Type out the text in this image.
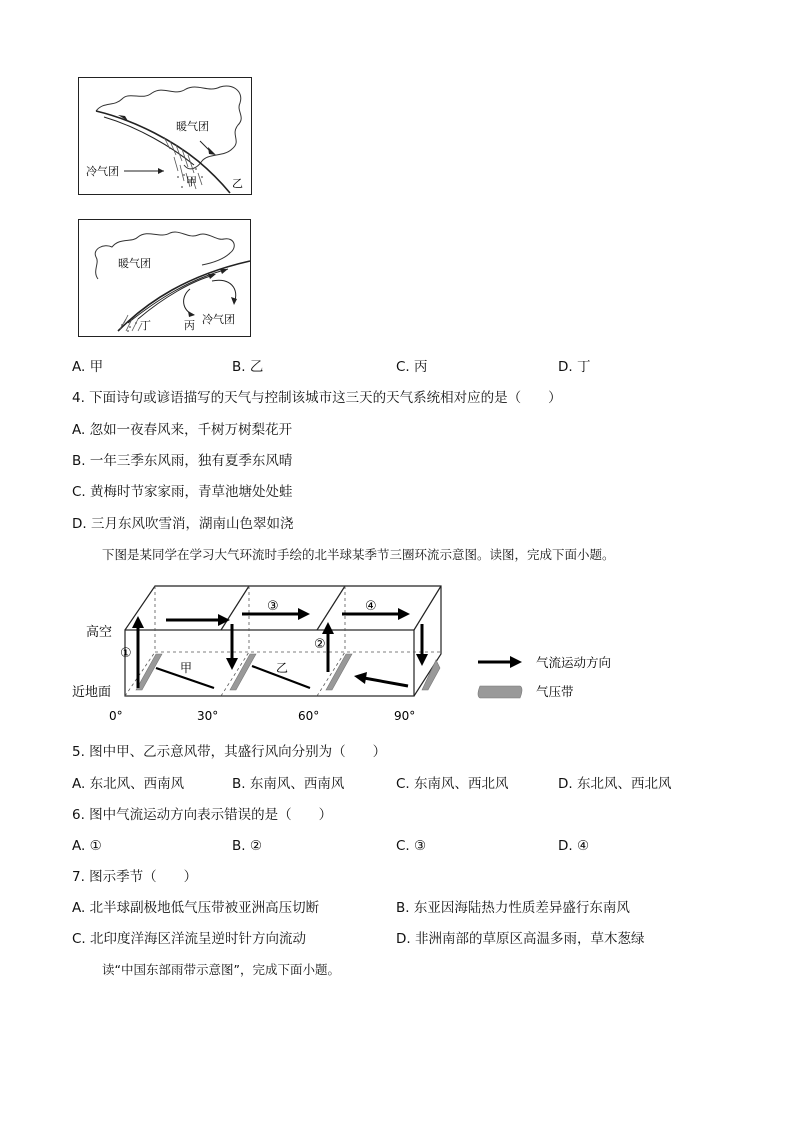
暖气团
冷气团
甲	乙
暖气团
冷气团
丙
丁
A. 甲	B. 乙	C. 丙	D. 丁
4. 下面诗句或谚语描写的天气与控制该城市这三天的天气系统相对应的是（　　）
A. 忽如一夜春风来，千树万树梨花开
B. 一年三季东风雨，独有夏季东风晴
C. 黄梅时节家家雨，青草池塘处处蛙
D. 三月东风吹雪消，湖南山色翠如浇
下图是某同学在学习大气环流时手绘的北半球某季节三圈环流示意图。读图，完成下面小题。
高空
近地面
①
②
③	④
甲	乙
0°	30°	60°	90°
气流运动方向
气压带
5. 图中甲、乙示意风带，其盛行风向分别为（　　）
A. 东北风、西南风	B. 东南风、西南风	C. 东南风、西北风	D. 东北风、西北风
6. 图中气流运动方向表示错误的是（　　）
A. ①	B. ②	C. ③	D. ④
7. 图示季节（　　）
A. 北半球副极地低气压带被亚洲高压切断	B. 东亚因海陆热力性质差异盛行东南风
C. 北印度洋海区洋流呈逆时针方向流动	D. 非洲南部的草原区高温多雨，草木葱绿
读“中国东部雨带示意图”，完成下面小题。
